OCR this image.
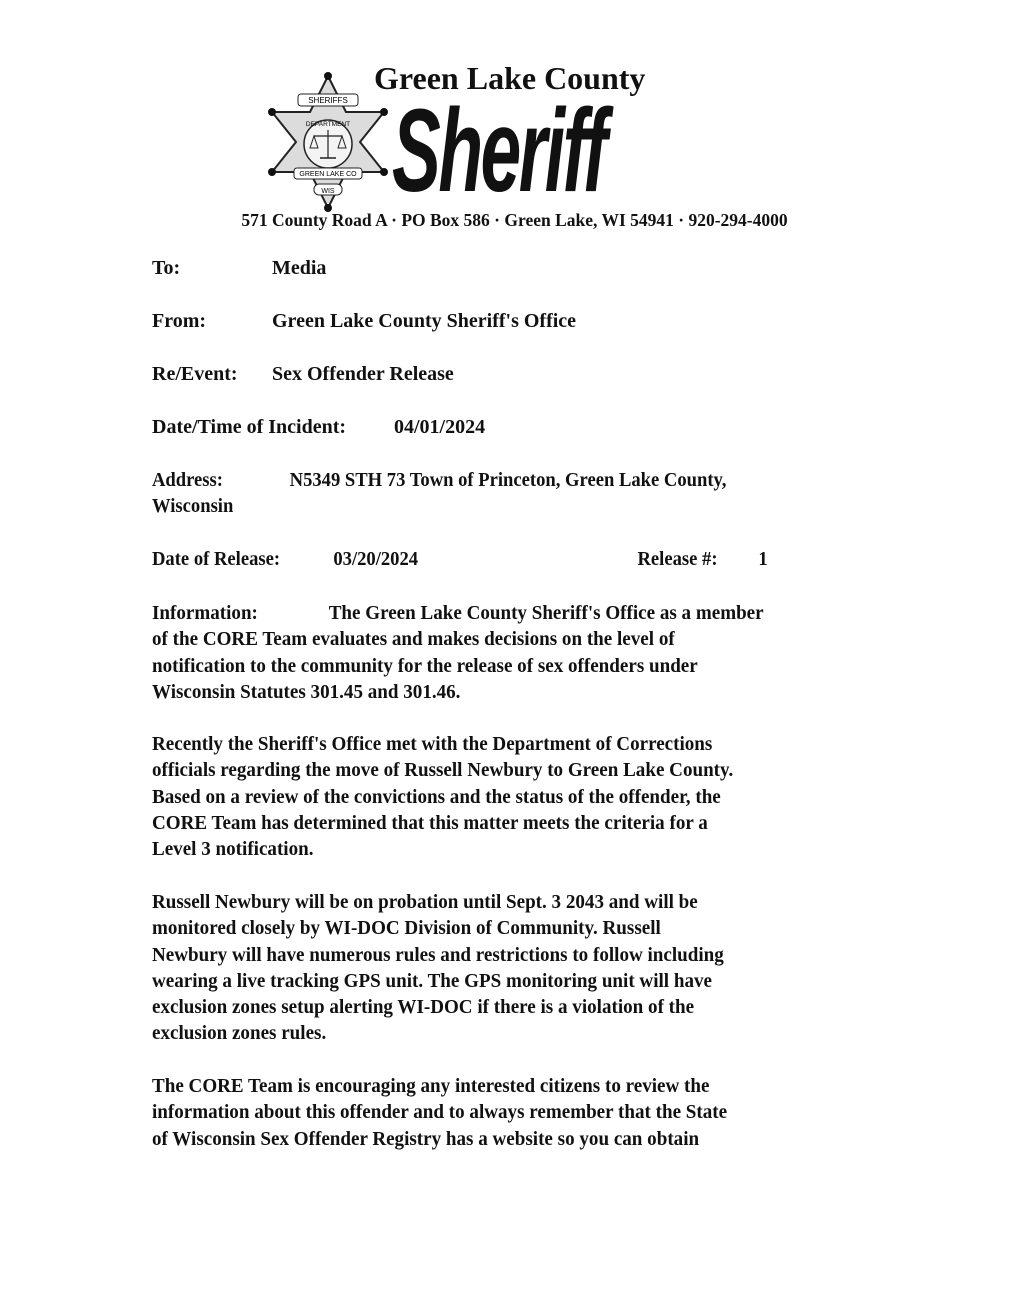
SHERIFFS
DEPARTMENT
GREEN LAKE CO
WIS
Green Lake County
Sheriff
571 County Road A · PO Box 586 · Green Lake, WI 54941 · 920-294-4000
To:	Media
From:	Green Lake County Sheriff's Office
Re/Event: Sex Offender Release
Date/Time of Incident: 04/01/2024
Address:	N5349 STH 73 Town of Princeton, Green Lake County,
Wisconsin
Date of Release:	03/20/2024	Release #: 1
Information:	The Green Lake County Sheriff's Office as a member
of the CORE Team evaluates and makes decisions on the level of
notification to the community for the release of sex offenders under
Wisconsin Statutes 301.45 and 301.46.
Recently the Sheriff's Office met with the Department of Corrections
officials regarding the move of Russell Newbury to Green Lake County.
Based on a review of the convictions and the status of the offender, the
CORE Team has determined that this matter meets the criteria for a
Level 3 notification.
Russell Newbury will be on probation until Sept. 3 2043 and will be
monitored closely by WI-DOC Division of Community. Russell
Newbury will have numerous rules and restrictions to follow including
wearing a live tracking GPS unit. The GPS monitoring unit will have
exclusion zones setup alerting WI-DOC if there is a violation of the
exclusion zones rules.
The CORE Team is encouraging any interested citizens to review the
information about this offender and to always remember that the State
of Wisconsin Sex Offender Registry has a website so you can obtain
